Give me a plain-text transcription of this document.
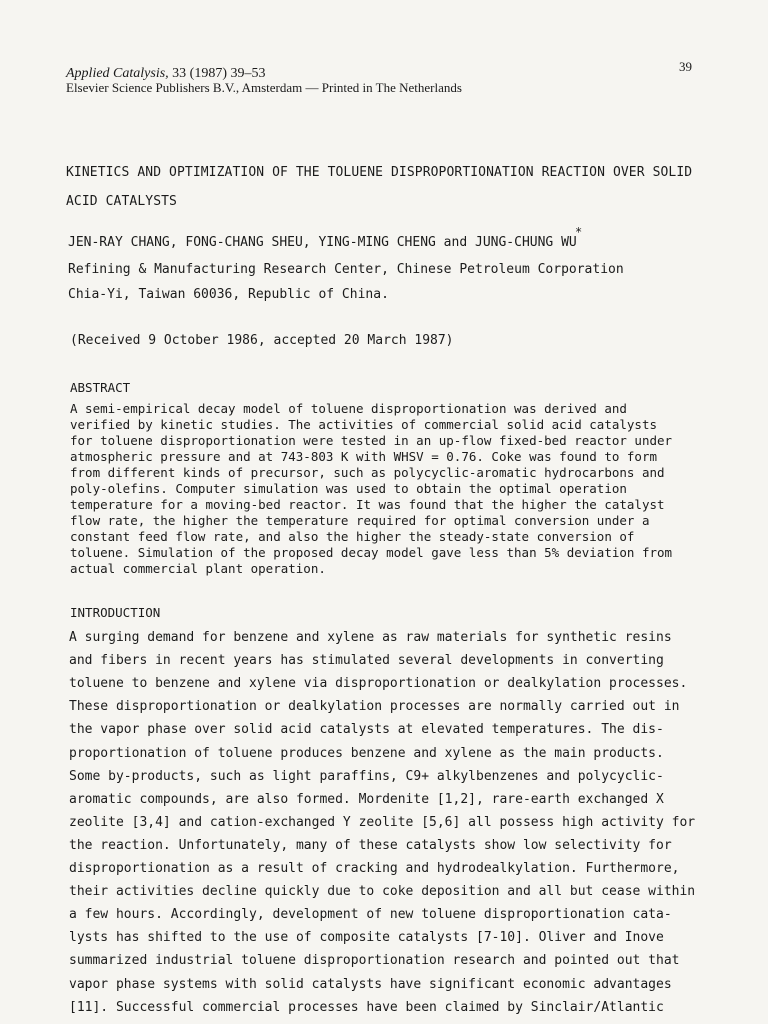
Applied Catalysis, 33 (1987) 39–53
Elsevier Science Publishers B.V., Amsterdam — Printed in The Netherlands
39
KINETICS AND OPTIMIZATION OF THE TOLUENE DISPROPORTIONATION REACTION OVER SOLID
ACID CATALYSTS
JEN-RAY CHANG, FONG-CHANG SHEU, YING-MING CHENG and JUNG-CHUNG WU
*
Refining & Manufacturing Research Center, Chinese Petroleum Corporation
Chia-Yi, Taiwan 60036, Republic of China.
(Received 9 October 1986, accepted 20 March 1987)
ABSTRACT
A semi-empirical decay model of toluene disproportionation was derived and
verified by kinetic studies. The activities of commercial solid acid catalysts
for toluene disproportionation were tested in an up-flow fixed-bed reactor under
atmospheric pressure and at 743-803 K with WHSV = 0.76. Coke was found to form
from different kinds of precursor, such as polycyclic-aromatic hydrocarbons and
poly-olefins. Computer simulation was used to obtain the optimal operation
temperature for a moving-bed reactor. It was found that the higher the catalyst
flow rate, the higher the temperature required for optimal conversion under a
constant feed flow rate, and also the higher the steady-state conversion of
toluene. Simulation of the proposed decay model gave less than 5% deviation from
actual commercial plant operation.
INTRODUCTION
A surging demand for benzene and xylene as raw materials for synthetic resins
and fibers in recent years has stimulated several developments in converting
toluene to benzene and xylene via disproportionation or dealkylation processes.
These disproportionation or dealkylation processes are normally carried out in
the vapor phase over solid acid catalysts at elevated temperatures. The dis-
proportionation of toluene produces benzene and xylene as the main products.
Some by-products, such as light paraffins, C9+ alkylbenzenes and polycyclic-
aromatic compounds, are also formed. Mordenite [1,2], rare-earth exchanged X
zeolite [3,4] and cation-exchanged Y zeolite [5,6] all possess high activity for
the reaction. Unfortunately, many of these catalysts show low selectivity for
disproportionation as a result of cracking and hydrodealkylation. Furthermore,
their activities decline quickly due to coke deposition and all but cease within
a few hours. Accordingly, development of new toluene disproportionation cata-
lysts has shifted to the use of composite catalysts [7-10]. Oliver and Inove
summarized industrial toluene disproportionation research and pointed out that
vapor phase systems with solid catalysts have significant economic advantages
[11]. Successful commercial processes have been claimed by Sinclair/Atlantic
